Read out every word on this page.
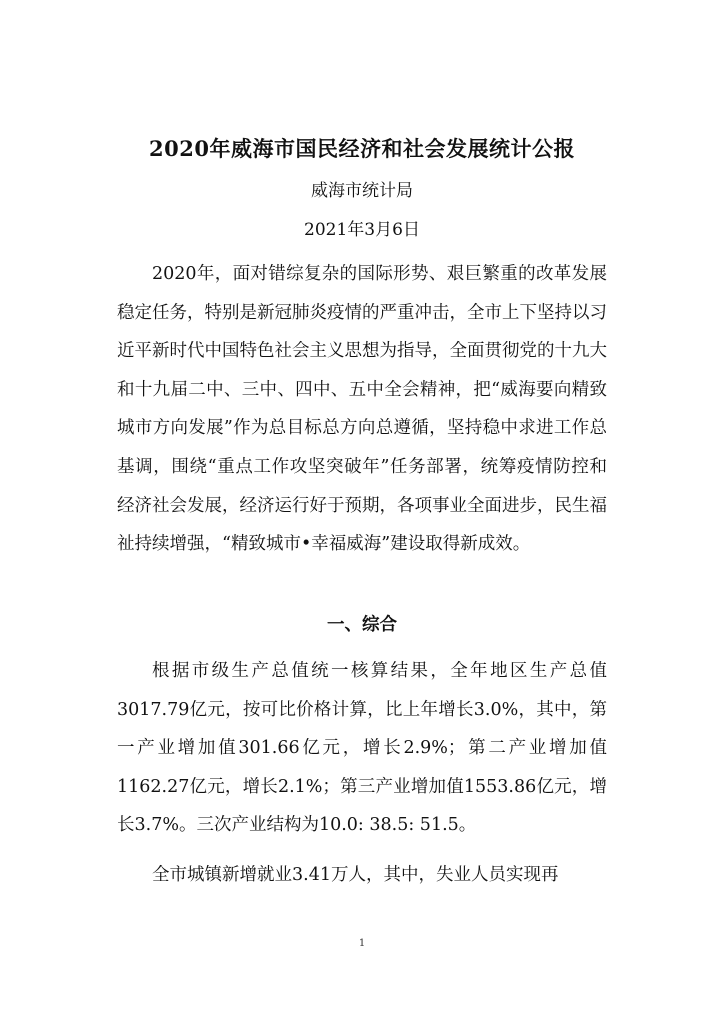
2020年威海市国民经济和社会发展统计公报
威海市统计局
2021年3月6日

2020年，面对错综复杂的国际形势、艰巨繁重的改革发展稳定任务，特别是新冠肺炎疫情的严重冲击，全市上下坚持以习近平新时代中国特色社会主义思想为指导，全面贯彻党的十九大和十九届二中、三中、四中、五中全会精神，把“威海要向精致城市方向发展”作为总目标总方向总遵循，坚持稳中求进工作总基调，围绕“重点工作攻坚突破年”任务部署，统筹疫情防控和经济社会发展，经济运行好于预期，各项事业全面进步，民生福祉持续增强，“精致城市•幸福威海”建设取得新成效。

一、综合

根据市级生产总值统一核算结果，全年地区生产总值3017.79亿元，按可比价格计算，比上年增长3.0%，其中，第一产业增加值301.66亿元，增长2.9%；第二产业增加值1162.27亿元，增长2.1%；第三产业增加值1553.86亿元，增长3.7%。三次产业结构为10.0: 38.5: 51.5。

全市城镇新增就业3.41万人，其中，失业人员实现再

1
